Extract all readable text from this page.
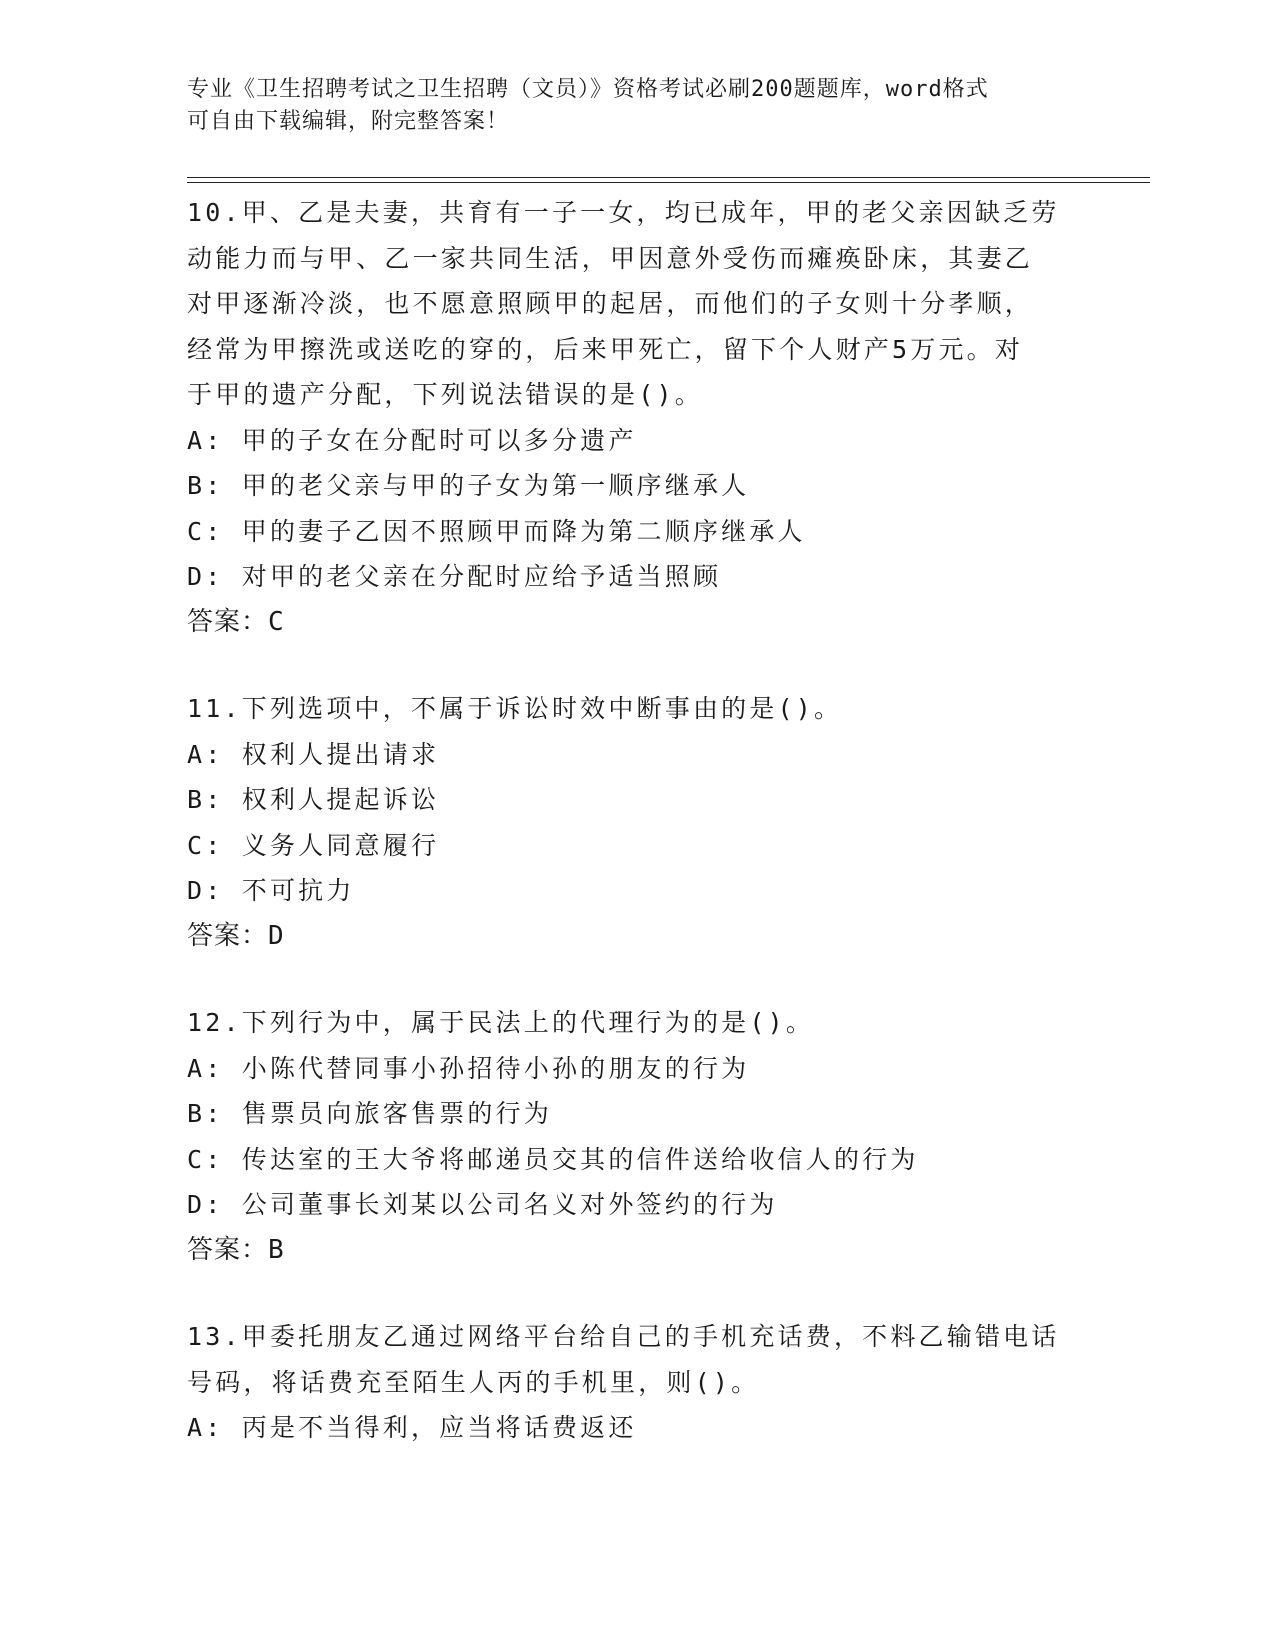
专业《卫生招聘考试之卫生招聘（文员）》资格考试必刷200题题库，word格式
可自由下载编辑，附完整答案！
10.甲、乙是夫妻，共育有一子一女，均已成年，甲的老父亲因缺乏劳
动能力而与甲、乙一家共同生活，甲因意外受伤而瘫痪卧床，其妻乙
对甲逐渐冷淡，也不愿意照顾甲的起居，而他们的子女则十分孝顺，
经常为甲擦洗或送吃的穿的，后来甲死亡，留下个人财产5万元。对
于甲的遗产分配，下列说法错误的是()。
A: 甲的子女在分配时可以多分遗产
B: 甲的老父亲与甲的子女为第一顺序继承人
C: 甲的妻子乙因不照顾甲而降为第二顺序继承人
D: 对甲的老父亲在分配时应给予适当照顾
答案：C
11.下列选项中，不属于诉讼时效中断事由的是()。
A: 权利人提出请求
B: 权利人提起诉讼
C: 义务人同意履行
D: 不可抗力
答案：D
12.下列行为中，属于民法上的代理行为的是()。
A: 小陈代替同事小孙招待小孙的朋友的行为
B: 售票员向旅客售票的行为
C: 传达室的王大爷将邮递员交其的信件送给收信人的行为
D: 公司董事长刘某以公司名义对外签约的行为
答案：B
13.甲委托朋友乙通过网络平台给自己的手机充话费，不料乙输错电话
号码，将话费充至陌生人丙的手机里，则()。
A: 丙是不当得利，应当将话费返还
